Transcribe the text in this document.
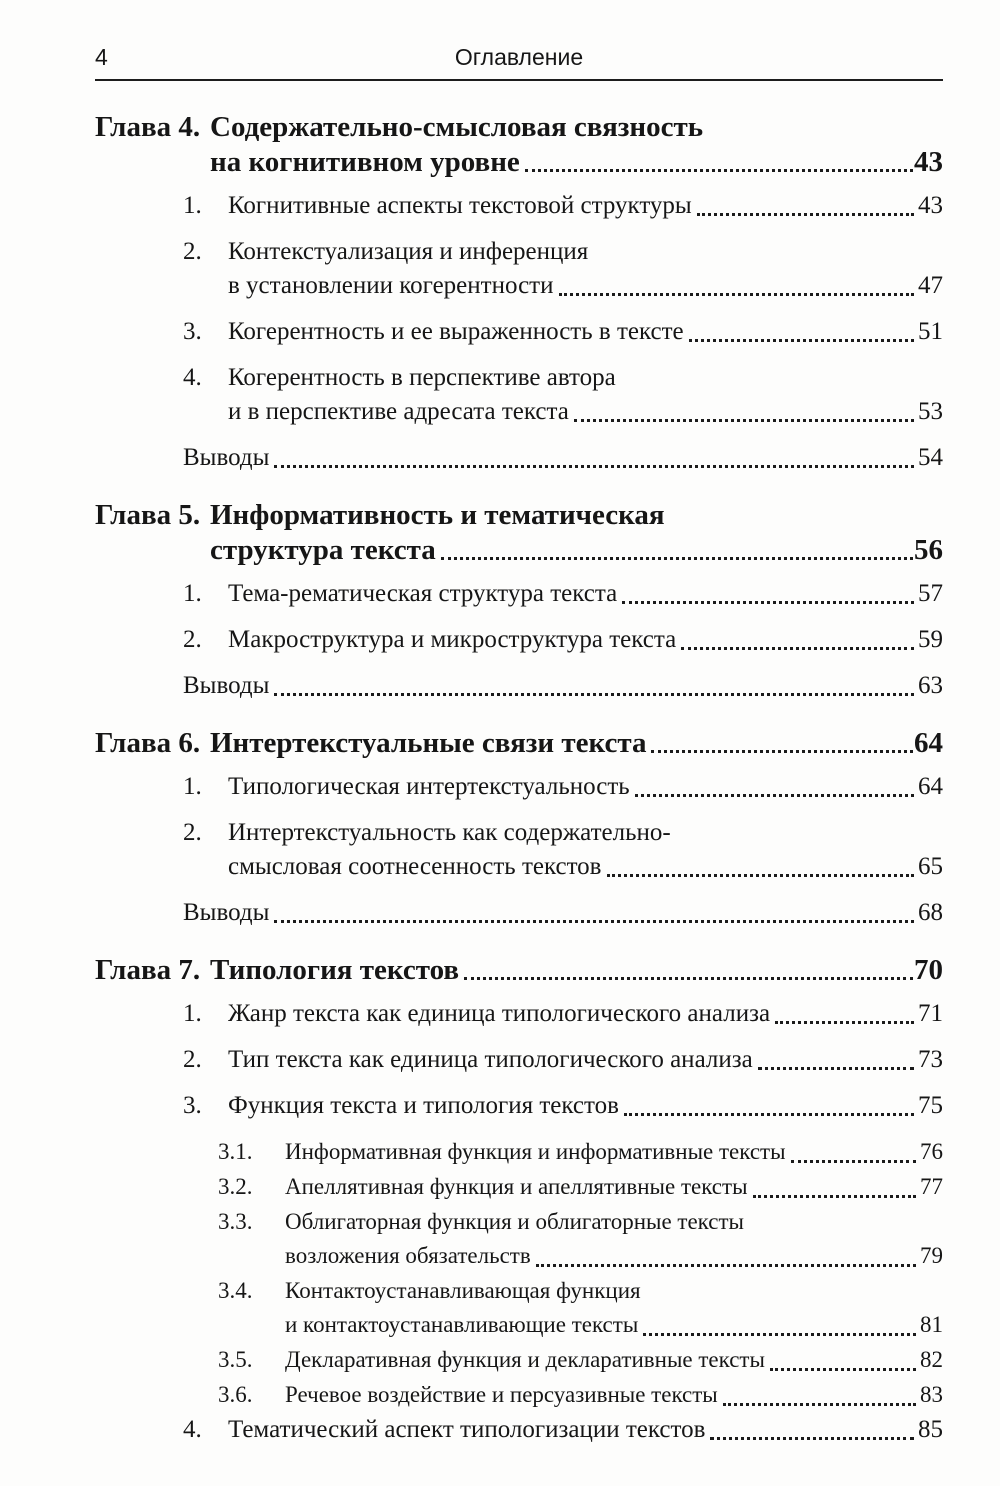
4	Оглавление
Глава 4. Содержательно-смысловая связность
на когнитивном уровне	43
1.	Когнитивные аспекты текстовой структуры	43
2.	Контекстуализация и инференция
в установлении когерентности	47
3.	Когерентность и ее выраженность в тексте	51
4.	Когерентность в перспективе автора
и в перспективе адресата текста	53
Выводы	54
Глава 5. Информативность и тематическая
структура текста	56
1.	Тема-рематическая структура текста	57
2.	Макроструктура и микроструктура текста	59
Выводы	63
Глава 6. Интертекстуальные связи текста	64
1.	Типологическая интертекстуальность	64
2.	Интертекстуальность как содержательно-
смысловая соотнесенность текстов	65
Выводы	68
Глава 7. Типология текстов	70
1.	Жанр текста как единица типологического анализа	71
2.	Тип текста как единица типологического анализа	73
3.	Функция текста и типология текстов	75
3.1.	Информативная функция и информативные тексты	76
3.2.	Апеллятивная функция и апеллятивные тексты	77
3.3.	Облигаторная функция и облигаторные тексты
возложения обязательств	79
3.4.	Контактоустанавливающая функция
и контактоустанавливающие тексты	81
3.5.	Декларативная функция и декларативные тексты	82
3.6.	Речевое воздействие и персуазивные тексты	83
4.	Тематический аспект типологизации текстов	85
